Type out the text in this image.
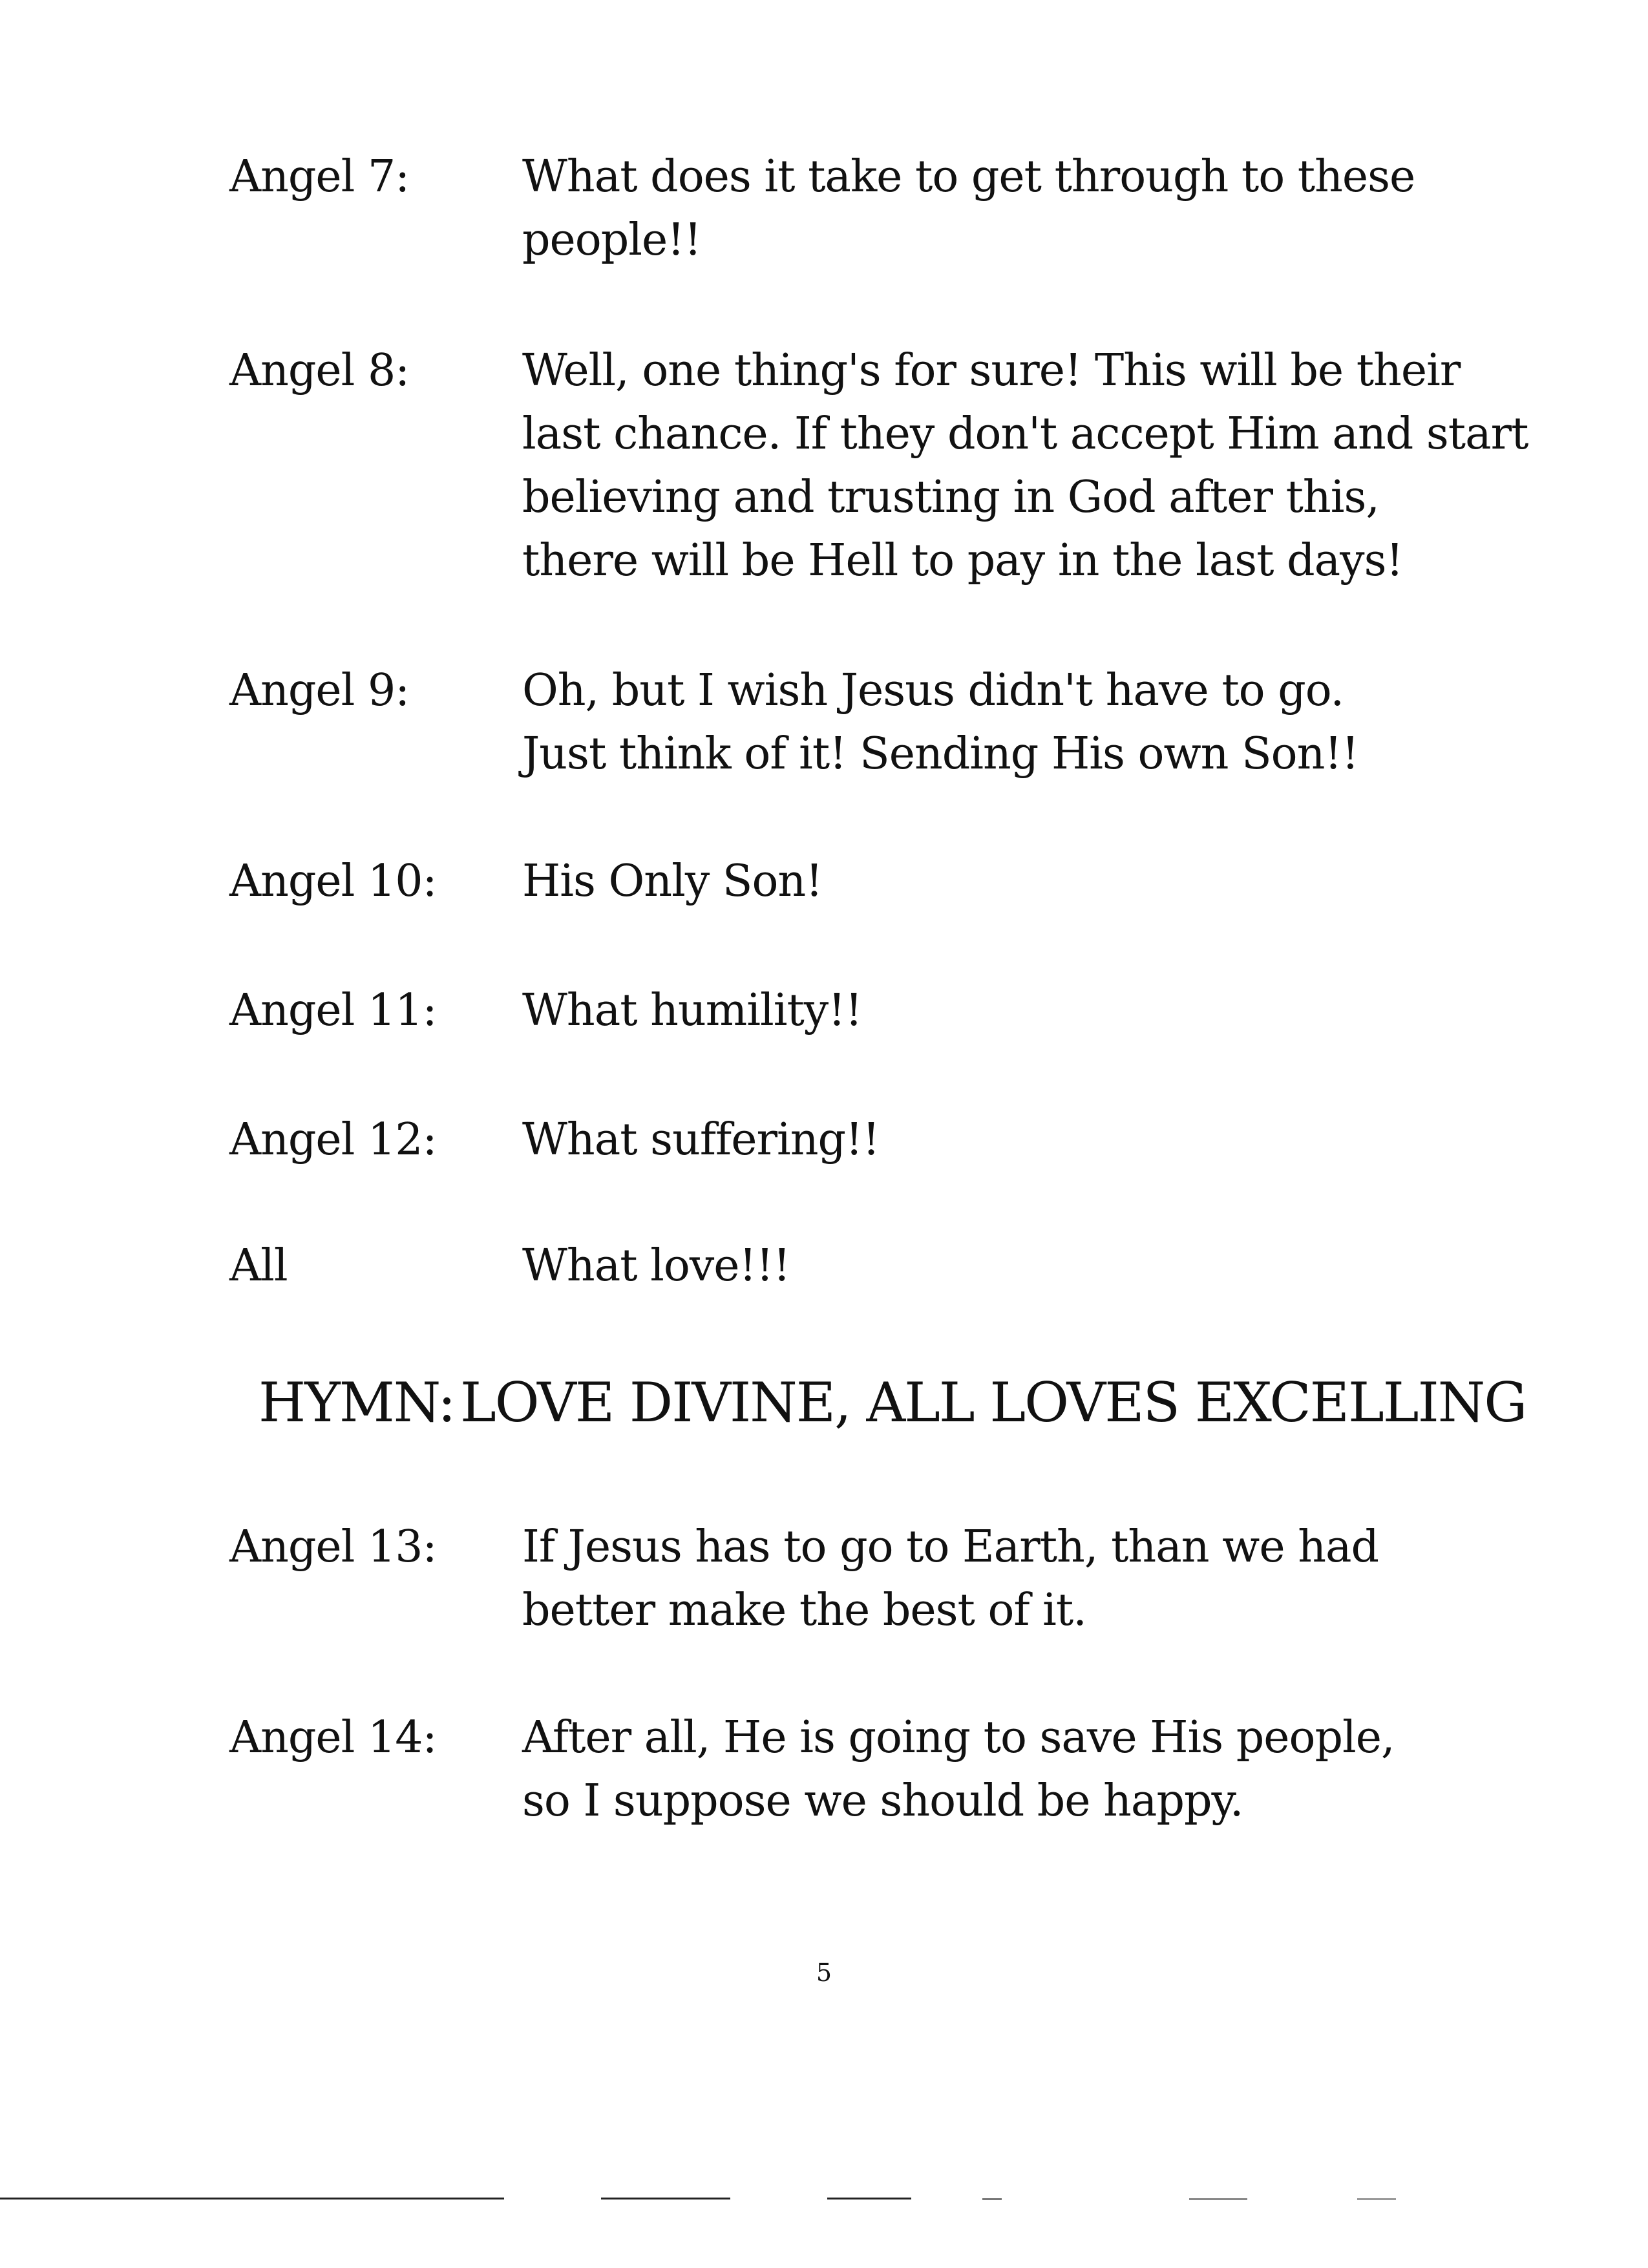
Angel 7:	What does it take to get through to these
people!!
Angel 8:	Well, one thing's for sure! This will be their
last chance. If they don't accept Him and start
believing and trusting in God after this,
there will be Hell to pay in the last days!
Angel 9:	Oh, but I wish Jesus didn't have to go.
Just think of it! Sending His own Son!!
Angel 10: His Only Son!
Angel 11: What humility!!
Angel 12: What suffering!!
All	What love!!!
HYMN: LOVE DIVINE, ALL LOVES EXCELLING
Angel 13: If Jesus has to go to Earth, than we had
better make the best of it.
Angel 14: After all, He is going to save His people,
so I suppose we should be happy.
5
